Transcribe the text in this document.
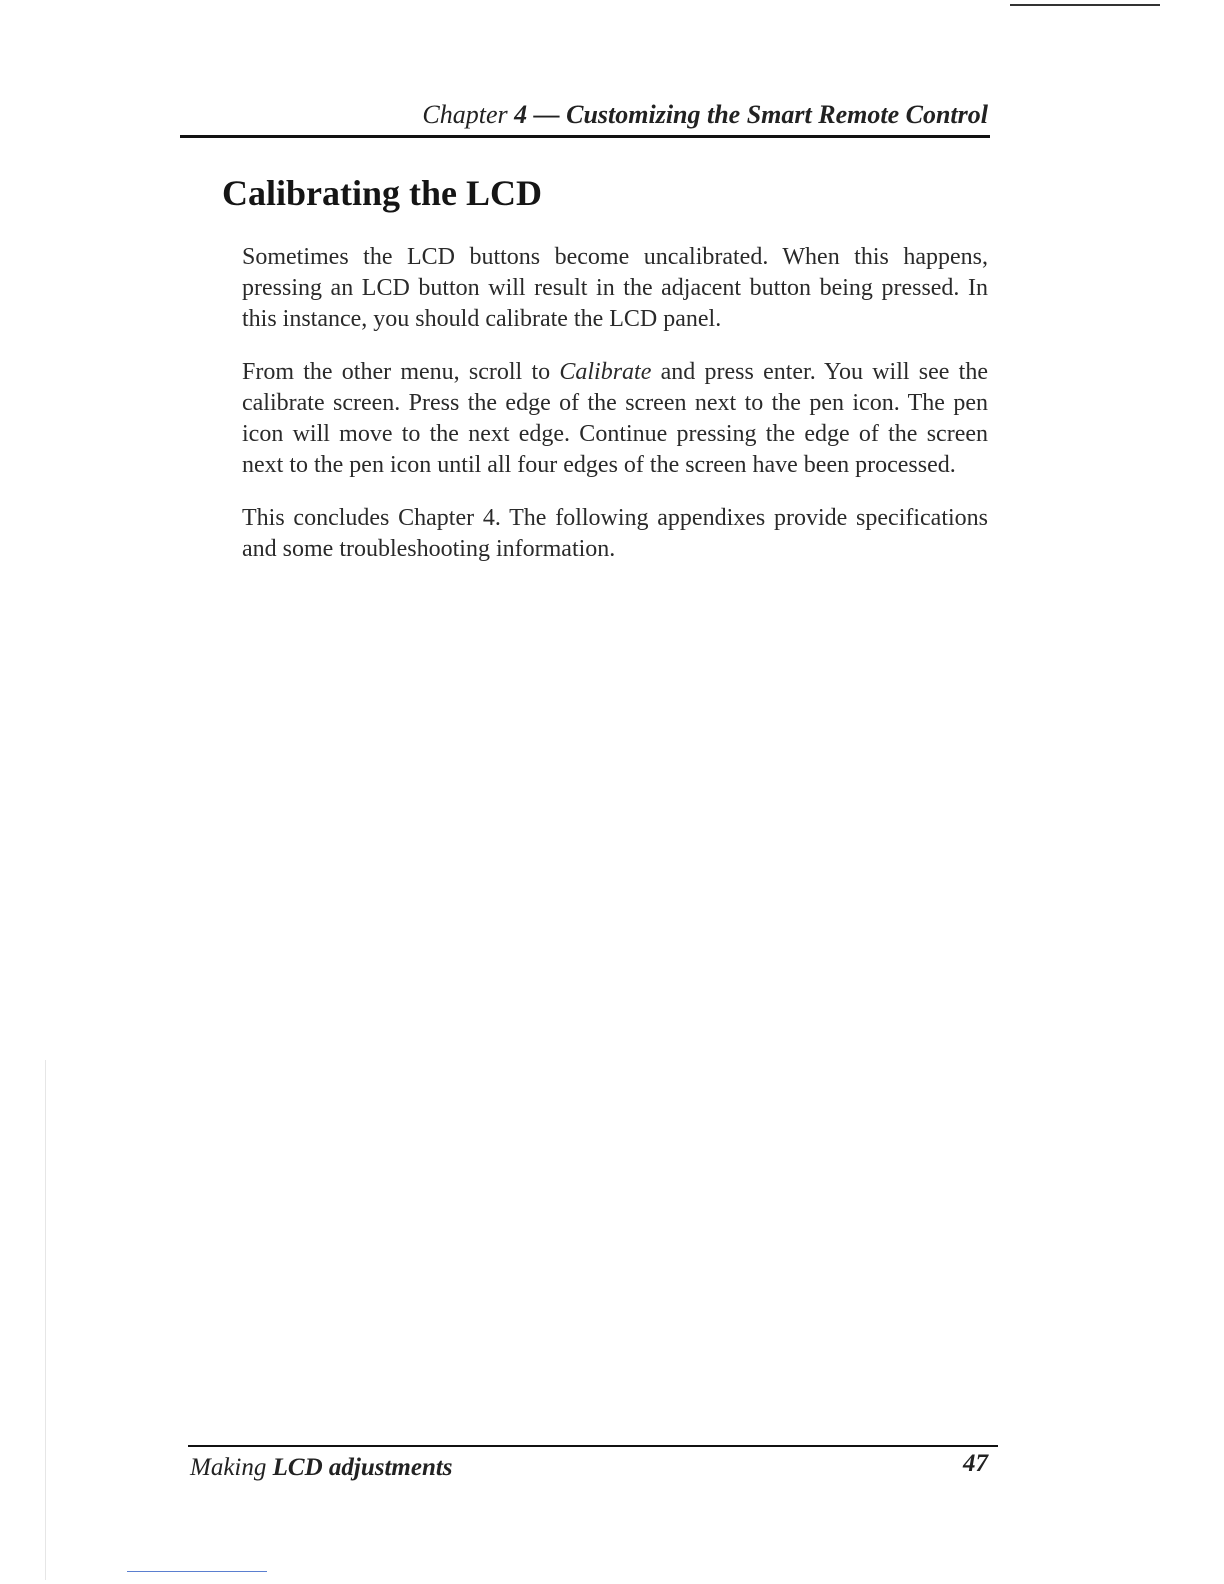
Chapter 4 — Customizing the Smart Remote Control
Calibrating the LCD

Sometimes the LCD buttons become uncalibrated. When this happens, pressing an LCD button will result in the adjacent button being pressed. In this instance, you should calibrate the LCD panel.

From the other menu, scroll to Calibrate and press enter. You will see the calibrate screen. Press the edge of the screen next to the pen icon. The pen icon will move to the next edge. Continue pressing the edge of the screen next to the pen icon until all four edges of the screen have been processed.

This concludes Chapter 4. The following appendixes provide specifications and some troubleshooting information.

Making LCD adjustments	47
